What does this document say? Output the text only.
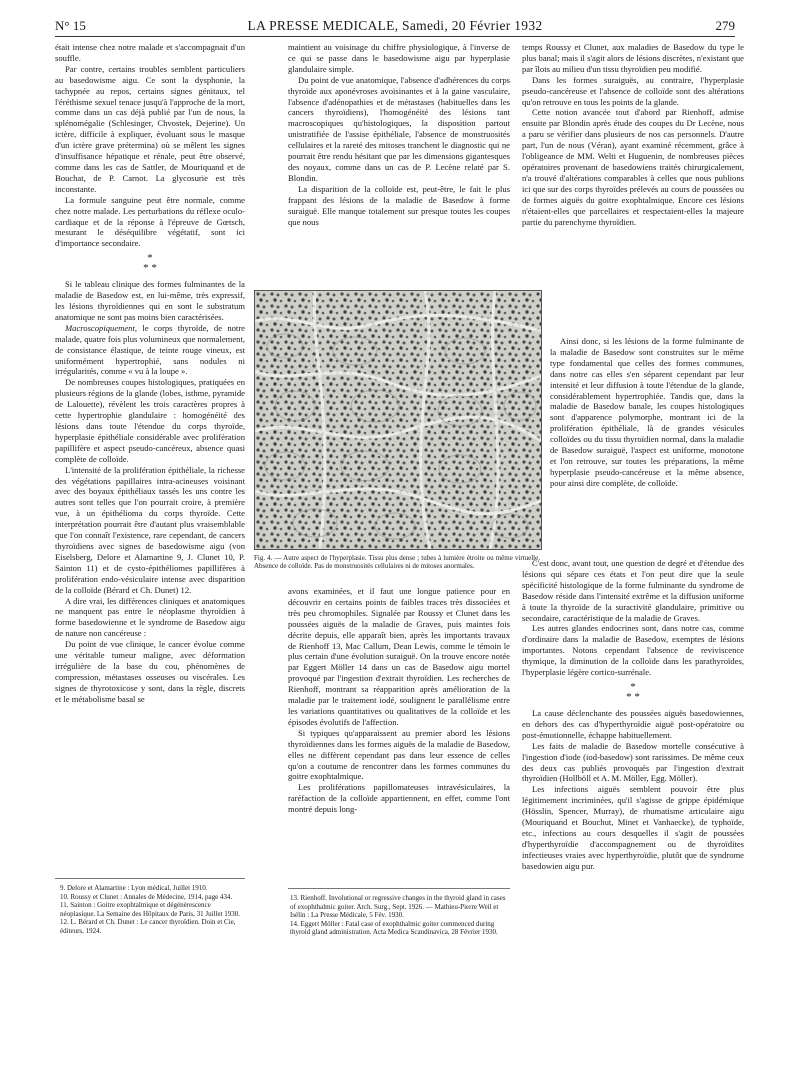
N° 15	LA PRESSE MEDICALE, Samedi, 20 Février 1932	279

était intense chez notre malade et s'accompagnait d'un souffle.

Par contre, certains troubles semblent particuliers au basedowisme aigu. Ce sont la dysphonie, la tachypnée au repos, certains signes génitaux, tel l'éréthisme sexuel tenace jusqu'à l'approche de la mort, comme dans un cas déjà publié par l'un de nous, la splénomégalie (Schlesinger, Chvostek, Dejerine). Un ictère, difficile à expliquer, évoluant sous le masque d'un ictère grave prétermina) où se mêlent les signes d'insuffisance hépatique et rénale, peut être observé, comme dans les cas de Sattler, de Mouriquand et de Bouchat, de P. Carnot. La glycosurie est très inconstante.

La formule sanguine peut être normale, comme chez notre malade. Les perturbations du réflexe oculo-cardiaque et de la réponse à l'épreuve de Gœtsch, mesurant le déséquilibre végétatif, sont ici d'importance secondaire.

*
* *

Si le tableau clinique des formes fulminantes de la maladie de Basedow est, en lui-même, très expressif, les lésions thyroïdiennes qui en sont le substratum anatomique ne sont pas moins bien caractérisées.

Macroscopiquement, le corps thyroïde, de notre malade, quatre fois plus volumineux que normalement, de consistance élastique, de teinte rouge vineux, est uniformément hypertrophié, sans nodules ni irrégularités, comme « vu à la loupe ».

De nombreuses coupes histologiques, pratiquées en plusieurs régions de la glande (lobes, isthme, pyramide de Lalouette), révèlent les trois caractères propres à cette hypertrophie glandulaire : homogénéité des lésions dans toute l'étendue du corps thyroïde, hyperplasie épithéliale considérable avec prolifération papillifère et aspect pseudo-cancéreux, absence quasi complète de colloïde.

L'intensité de la prolifération épithéliale, la richesse des végétations papillaires intra-acineuses voisinant avec des boyaux épithéliaux tassés les uns contre les autres sont telles que l'on pourrait croire, à première vue, à un épithélioma du corps thyroïde. Cette interprétation pourrait être d'autant plus vraisemblable que l'on connaît l'existence, rare cependant, de cancers thyroïdiens avec signes de basedowisme aigu (von Eiselsberg, Delore et Alamartine 9, J. Clunet 10, P. Sainton 11) et de cysto-épithéliomes papillifères à prolifération endo-vésiculaire intense avec disparition de la colloïde (Bérard et Ch. Dunet) 12.

A dire vrai, les différences cliniques et anatomiques ne manquent pas entre le néoplasme thyroïdien à forme basedowienne et le syndrome de Basedow aigu de nature non cancéreuse :

Du point de vue clinique, le cancer évolue comme une véritable tumeur maligne, avec déformation irrégulière de la base du cou, phénomènes de compression, métastases osseuses ou viscérales. Les signes de thyrotoxicose y sont, dans la règle, discrets et le métabolisme basal se

maintient au voisinage du chiffre physiologique, à l'inverse de ce qui se passe dans le basedowisme aigu par hyperplasie glandulaire simple.

Du point de vue anatomique, l'absence d'adhérences du corps thyroïde aux aponévroses avoisinantes et à la gaine vasculaire, l'absence d'adénopathies et de métastases (habituelles dans les cancers thyroïdiens), l'homogénéité des lésions tant macroscopiques qu'histologiques, la disposition partout unistratifiée de l'assise épithéliale, l'absence de monstruosités cellulaires et la rareté des mitoses tranchent le diagnostic qui ne pourrait être rendu hésitant que par les dimensions gigantesques des noyaux, comme dans un cas de P. Lecène relaté par S. Blondin.

La disparition de la colloïde est, peut-être, le fait le plus frappant des lésions de la maladie de Basedow à forme suraiguë. Elle manque totalement sur presque toutes les coupes que nous

temps Roussy et Clunet, aux maladies de Basedow du type le plus banal; mais il s'agit alors de lésions discrètes, n'existant que par îlots au milieu d'un tissu thyroïdien peu modifié.

Dans les formes suraiguës, au contraire, l'hyperplasie pseudo-cancéreuse et l'absence de colloïde sont des altérations qu'on retrouve en tous les points de la glande.

Cette notion avancée tout d'abord par Rienhoff, admise ensuite par Blondin après étude des coupes du Dr Lecène, nous a paru se vérifier dans plusieurs de nos cas personnels. D'autre part, l'un de nous (Véran), ayant examiné récemment, grâce à l'obligeance de MM. Welti et Huguenin, de nombreuses pièces opératoires provenant de basedowiens traités chirurgicalement, n'a trouvé d'altérations comparables à celles que nous publions ici que sur des corps thyroïdes prélevés au cours de poussées ou de formes aiguës du goitre exophtalmique. Encore ces lésions n'étaient-elles que parcellaires et respectaient-elles la majeure partie du parenchyme thyroïdien.

Ainsi donc, si les lésions de la forme fulminante de la maladie de Basedow sont construites sur le même type fondamental que celles des formes communes, dans notre cas elles s'en séparent cependant par leur intensité et leur diffusion à toute l'étendue de la glande, considérablement hypertrophiée. Tandis que, dans la maladie de Basedow banale, les coupes histologiques sont d'apparence polymorphe, montrant ici de la prolifération épithéliale, là de grandes vésicules colloïdes ou du tissu thyroïdien normal, dans la maladie de Basedow suraiguë, l'aspect est uniforme, monotone et l'on retrouve, sur toutes les préparations, la même hyperplasie pseudo-cancéreuse et la même absence, pour ainsi dire complète, de colloïde.

C'est donc, avant tout, une question de degré et d'étendue des lésions qui sépare ces états et l'on peut dire que la seule spécificité histologique de la forme fulminante du syndrome de Basedow réside dans l'intensité extrême et la diffusion uniforme à toute la thyroïde de la suractivité glandulaire, primitive ou secondaire, caractéristique de la maladie de Graves.

Les autres glandes endocrines sont, dans notre cas, comme d'ordinaire dans la maladie de Basedow, exemptes de lésions importantes. Notons cependant l'absence de reviviscence thymique, la diminution de la colloïde dans les parathyroïdes, l'hyperplasie légère cortico-surrénale.

*
* *

La cause déclenchante des poussées aiguës basedowiennes, en dehors des cas d'hyperthyroïdie aiguë post-opératoire ou post-émotionnelle, échappe habituellement.

Les faits de maladie de Basedow mortelle consécutive à l'ingestion d'iode (iod-basedow) sont rarissimes. De même ceux des deux cas publiés provoqués par l'ingestion d'extrait thyroïdien (Hollböll et A. M. Möller, Egg. Möller).

Les infections aiguës semblent pouvoir être plus légitimement incriminées, qu'il s'agisse de grippe épidémique (Hösslin, Spencer, Murray), de rhumatisme articulaire aigu (Mouriquand et Bouchut, Minet et Vanhaecke), de typhoïde, etc., infections au cours desquelles il s'agit de poussées d'hyperthyroïdie d'accompagnement ou de thyroïdites infectieuses vraies avec hyperthyroïdie, plutôt que de syndrome basedowien aigu pur.

Fig. 4. — Autre aspect de l'hyperplasie. Tissu plus dense ; tubes à lumière étroite ou même virtuelle. Absence de colloïde. Pas de monstruosités cellulaires ni de mitoses anormales.

avons examinées, et il faut une longue patience pour en découvrir en certains points de faibles traces très dissociées et très peu chromophiles. Signalée par Roussy et Clunet dans les poussées aiguës de la maladie de Graves, puis maintes fois décrite depuis, elle apparaît bien, après les importants travaux de Rienhoff 13, Mac Callum, Dean Lewis, comme le témoin le plus certain d'une évolution suraiguë. On la trouve encore notée par Eggert Möller 14 dans un cas de Basedow aigu mortel provoqué par l'ingestion d'extrait thyroïdien. Les recherches de Rienhoff, montrant sa réapparition après amélioration de la maladie par le traitement iodé, soulignent le parallélisme entre les variations quantitatives ou qualitatives de la colloïde et les épisodes évolutifs de l'affection.

Si typiques qu'apparaissent au premier abord les lésions thyroïdiennes dans les formes aiguës de la maladie de Basedow, elles ne diffèrent cependant pas dans leur essence de celles qu'on a coutume de rencontrer dans les formes communes du goitre exophtalmique.

Les proliférations papillomateuses intravésiculaires, la raréfaction de la colloïde appartiennent, en effet, comme l'ont montré depuis long-

9. Delore et Alamartine : Lyon médical, Juillet 1910.

10. Roussy et Clunet : Annales de Médecine, 1914, page 434.

11. Sainton : Goitre exophtalmique et dégénérescence néoplasique. La Semaine des Hôpitaux de Paris, 31 Juillet 1930.

12. L. Bérard et Ch. Dunet : Le cancer thyroïdien. Doin et Cie, éditeurs, 1924.

13. Rienhoff. Involutional or regressive changes in the thyroid gland in cases of exophthalmic goiter. Arch. Surg., Sept. 1926. — Mathieu-Pierre Weil et Isélin : La Presse Médicale, 5 Fév. 1930.

14. Eggert Möller : Fatal case of exophthalmic goiter commenced during thyroid gland administration. Acta Medica Scandinavica, 28 Février 1930.
